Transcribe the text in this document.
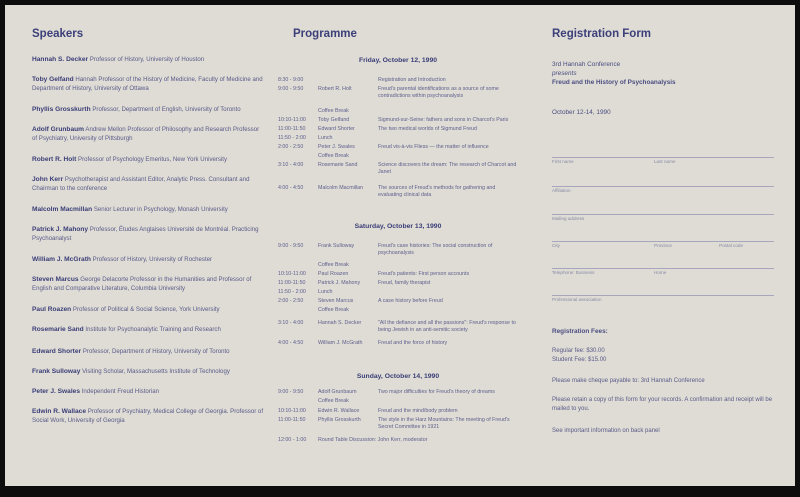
Speakers
Hannah S. Decker Professor of History, University of Houston
Toby Gelfand Hannah Professor of the History of Medicine, Faculty of Medicine and Department of History, University of Ottawa
Phyllis Grosskurth Professor, Department of English, University of Toronto
Adolf Grunbaum Andrew Mellon Professor of Philosophy and Research Professor of Psychiatry, University of Pittsburgh
Robert R. Holt Professor of Psychology Emeritus, New York University
John Kerr Psychotherapist and Assistant Editor, Analytic Press. Consultant and Chairman to the conference
Malcolm Macmillan Senior Lecturer in Psychology, Monash University
Patrick J. Mahony Professor, Études Anglaises Université de Montréal. Practicing Psychoanalyst
William J. McGrath Professor of History, University of Rochester
Steven Marcus George Delacorte Professor in the Humanities and Professor of English and Comparative Literature, Columbia University
Paul Roazen Professor of Political & Social Science, York University
Rosemarie Sand Institute for Psychoanalytic Training and Research
Edward Shorter Professor, Department of History, University of Toronto
Frank Sulloway Visiting Scholar, Massachusetts Institute of Technology
Peter J. Swales Independent Freud Historian
Edwin R. Wallace Professor of Psychiatry, Medical College of Georgia. Professor of Social Work, University of Georgia
Programme
Friday, October 12, 1990
8:30 - 9:00	Registration and Introduction
9:00 - 9:50	Robert R. Holt	Freud's parental identifications as a source of some contradictions within psychoanalysis
Coffee Break
10:10-11:00	Toby Gelfand	Sigmund-sur-Seine: fathers and sons in Charcot's Paris
11:00-11:50	Edward Shorter	The two medical worlds of Sigmund Freud
11:50 - 2:00	Lunch
2:00 - 2:50	Peter J. Swales	Freud vis-à-vis Fliess — the matter of influence
Coffee Break
3:10 - 4:00	Rosemarie Sand	Science discovers the dream: The research of Charcot and Janet
4:00 - 4:50	Malcolm Macmillan	The sources of Freud's methods for gathering and evaluating clinical data
Saturday, October 13, 1990
9:00 - 9:50	Frank Sulloway	Freud's case histories: The social construction of psychoanalysis
Coffee Break
10:10-11:00	Paul Roazen	Freud's patients: First person accounts
11:00-11:50	Patrick J. Mahony	Freud, family therapist
11:50 - 2:00	Lunch
2:00 - 2:50	Steven Marcus	A case history before Freud
Coffee Break
3:10 - 4:00	Hannah S. Decker	"All the defiance and all the passions": Freud's response to being Jewish in an anti-semitic society
4:00 - 4:50	William J. McGrath	Freud and the force of history
Sunday, October 14, 1990
9:00 - 9:50	Adolf Grunbaum	Two major difficulties for Freud's theory of dreams
Coffee Break
10:10-11:00	Edwin R. Wallace	Freud and the mind/body problem
11:00-11:50	Phyllis Grosskurth	The style in the Harz Mountains: The meeting of Freud's Secret Committee in 1921
12:00 - 1:00	Round Table Discussion: John Kerr, moderator
Registration Form
3rd Hannah Conference
presents
Freud and the History of Psychoanalysis
October 12-14, 1990
First name	Last name
Affiliation
Mailing address
City	Province	Postal code
Telephone: Business	Home
Professional association
Registration Fees:
Regular fee: $30.00
Student Fee: $15.00
Please make cheque payable to: 3rd Hannah Conference
Please retain a copy of this form for your records. A confirmation and receipt will be mailed to you.
See important information on back panel
